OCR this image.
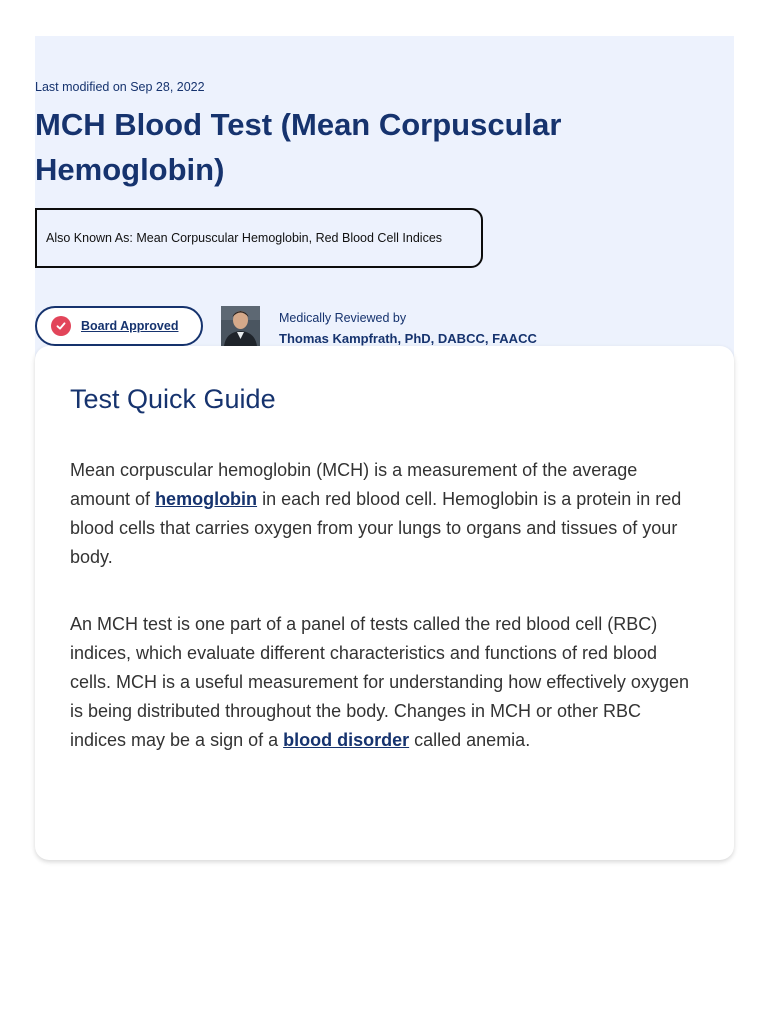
Last modified on Sep 28, 2022
MCH Blood Test (Mean Corpuscular Hemoglobin)
Also Known As: Mean Corpuscular Hemoglobin, Red Blood Cell Indices
Board Approved
Medically Reviewed by
Thomas Kampfrath, PhD, DABCC, FAACC
Test Quick Guide

Mean corpuscular hemoglobin (MCH) is a measurement of the average amount of hemoglobin in each red blood cell. Hemoglobin is a protein in red blood cells that carries oxygen from your lungs to organs and tissues of your body.

An MCH test is one part of a panel of tests called the red blood cell (RBC) indices, which evaluate different characteristics and functions of red blood cells. MCH is a useful measurement for understanding how effectively oxygen is being distributed throughout the body. Changes in MCH or other RBC indices may be a sign of a blood disorder called anemia.
